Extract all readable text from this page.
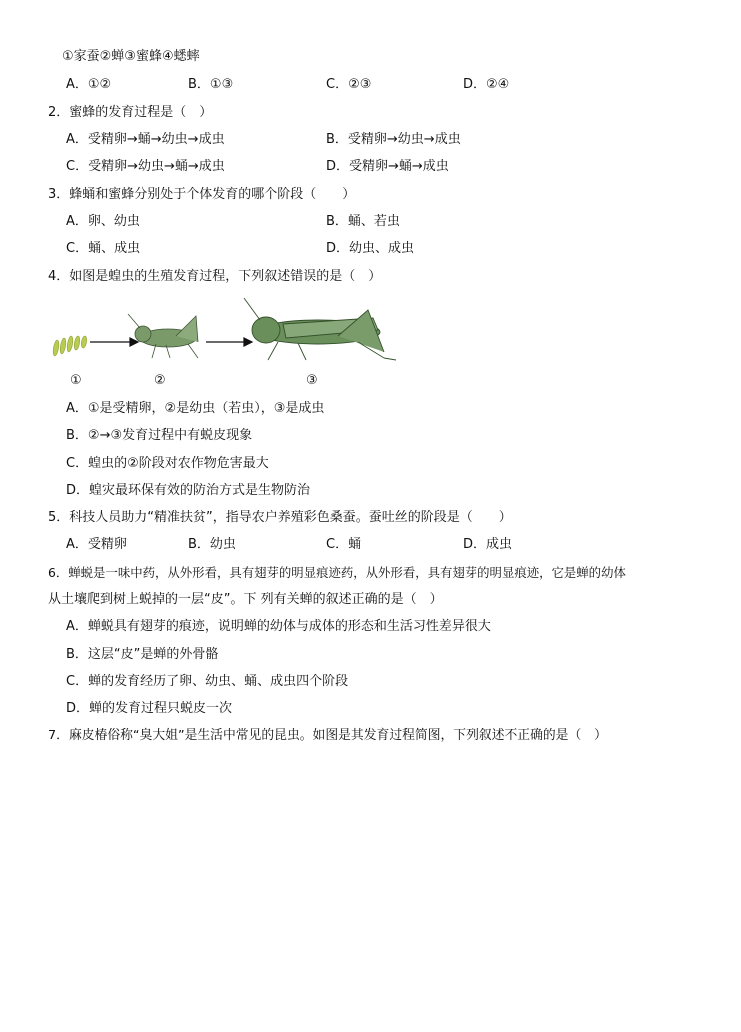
①家蚕②蝉③蜜蜂④蟋蟀
A．①②	B．①③	C．②③	D．②④
2．蜜蜂的发育过程是（　）
A．受精卵→蛹→幼虫→成虫	B．受精卵→幼虫→成虫
C．受精卵→幼虫→蛹→成虫	D．受精卵→蛹→成虫
3．蜂蛹和蜜蜂分别处于个体发育的哪个阶段（　　）
A．卵、幼虫	B．蛹、若虫
C．蛹、成虫	D．幼虫、成虫
4．如图是蝗虫的生殖发育过程，下列叙述错误的是（　）
①	②	③
A．①是受精卵，②是幼虫（若虫），③是成虫
B．②→③发育过程中有蜕皮现象
C．蝗虫的②阶段对农作物危害最大
D．蝗灾最环保有效的防治方式是生物防治
5．科技人员助力“精准扶贫”，指导农户养殖彩色桑蚕。蚕吐丝的阶段是（　　）
A．受精卵	B．幼虫	C．蛹	D．成虫
6．蝉蜕是一味中药，从外形看，具有翅芽的明显痕迹药，从外形看，具有翅芽的明显痕迹，它是蝉的幼体
从土壤爬到树上蜕掉的一层“皮”。下 列有关蝉的叙述正确的是（　）
A．蝉蜕具有翅芽的痕迹，说明蝉的幼体与成体的形态和生活习性差异很大
B．这层“皮”是蝉的外骨骼
C．蝉的发育经历了卵、幼虫、蛹、成虫四个阶段
D．蝉的发育过程只蜕皮一次
7．麻皮椿俗称“臭大姐”是生活中常见的昆虫。如图是其发育过程简图，下列叙述不正确的是（　）
